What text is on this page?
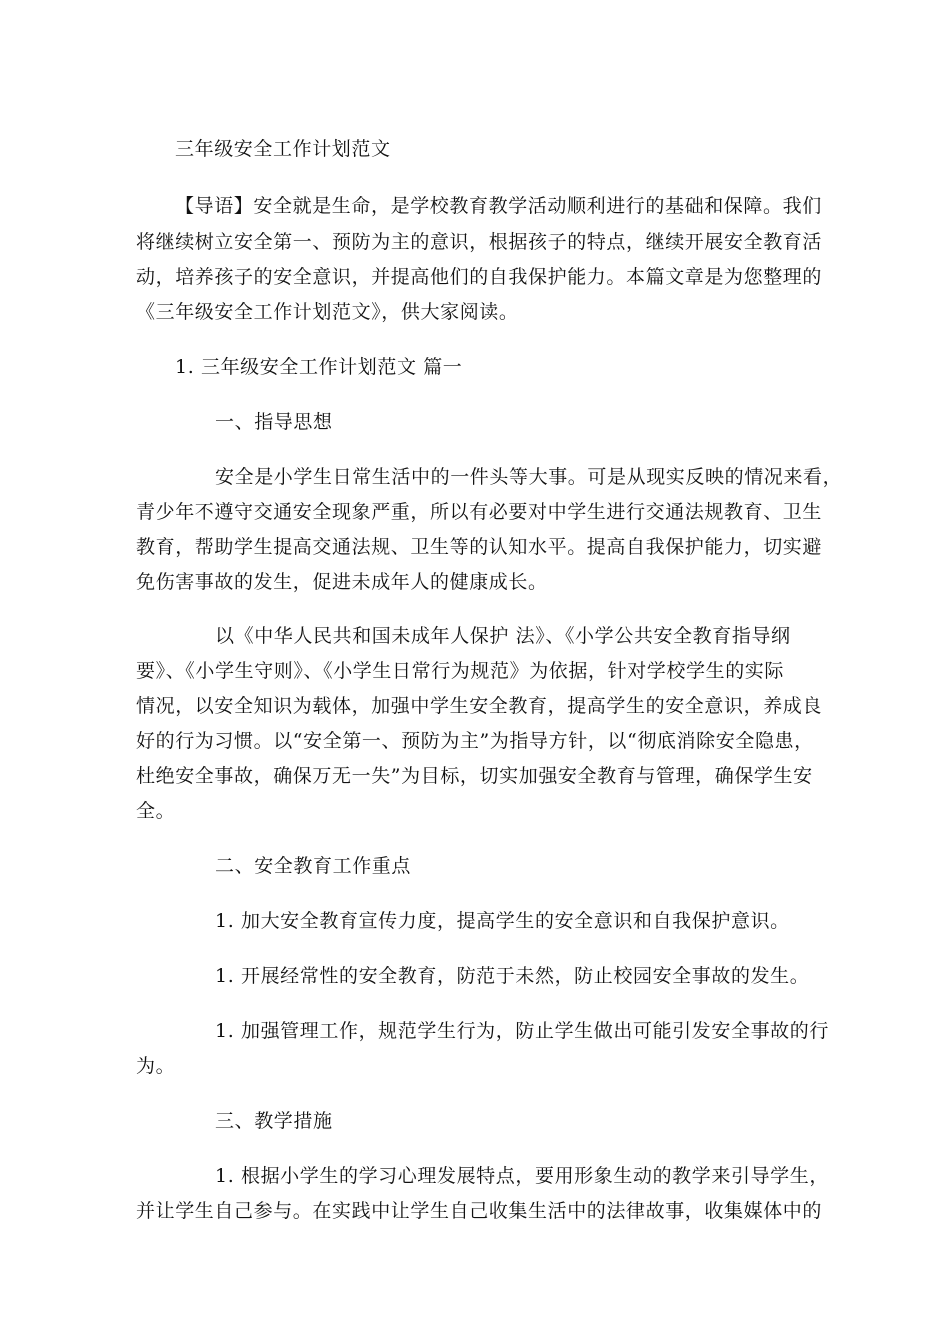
三年级安全工作计划范文
【导语】安全就是生命，是学校教育教学活动顺利进行的基础和保障。我们
将继续树立安全第一、预防为主的意识，根据孩子的特点，继续开展安全教育活
动，培养孩子的安全意识，并提高他们的自我保护能力。本篇文章是为您整理的
《三年级安全工作计划范文》，供大家阅读。
1. 三年级安全工作计划范文 篇一
一、指导思想
安全是小学生日常生活中的一件头等大事。可是从现实反映的情况来看，
青少年不遵守交通安全现象严重，所以有必要对中学生进行交通法规教育、卫生
教育，帮助学生提高交通法规、卫生等的认知水平。提高自我保护能力，切实避
免伤害事故的发生，促进未成年人的健康成长。
以《中华人民共和国未成年人保护 法》、《小学公共安全教育指导纲
要》、《小学生守则》、《小学生日常行为规范》为依据，针对学校学生的实际
情况，以安全知识为载体，加强中学生安全教育，提高学生的安全意识，养成良
好的行为习惯。以“安全第一、预防为主”为指导方针，以“彻底消除安全隐患，
杜绝安全事故，确保万无一失”为目标，切实加强安全教育与管理，确保学生安
全。
二、安全教育工作重点
1. 加大安全教育宣传力度，提高学生的安全意识和自我保护意识。
1. 开展经常性的安全教育，防范于未然，防止校园安全事故的发生。
1. 加强管理工作，规范学生行为，防止学生做出可能引发安全事故的行
为。
三、教学措施
1. 根据小学生的学习心理发展特点，要用形象生动的教学来引导学生，
并让学生自己参与。在实践中让学生自己收集生活中的法律故事，收集媒体中的
